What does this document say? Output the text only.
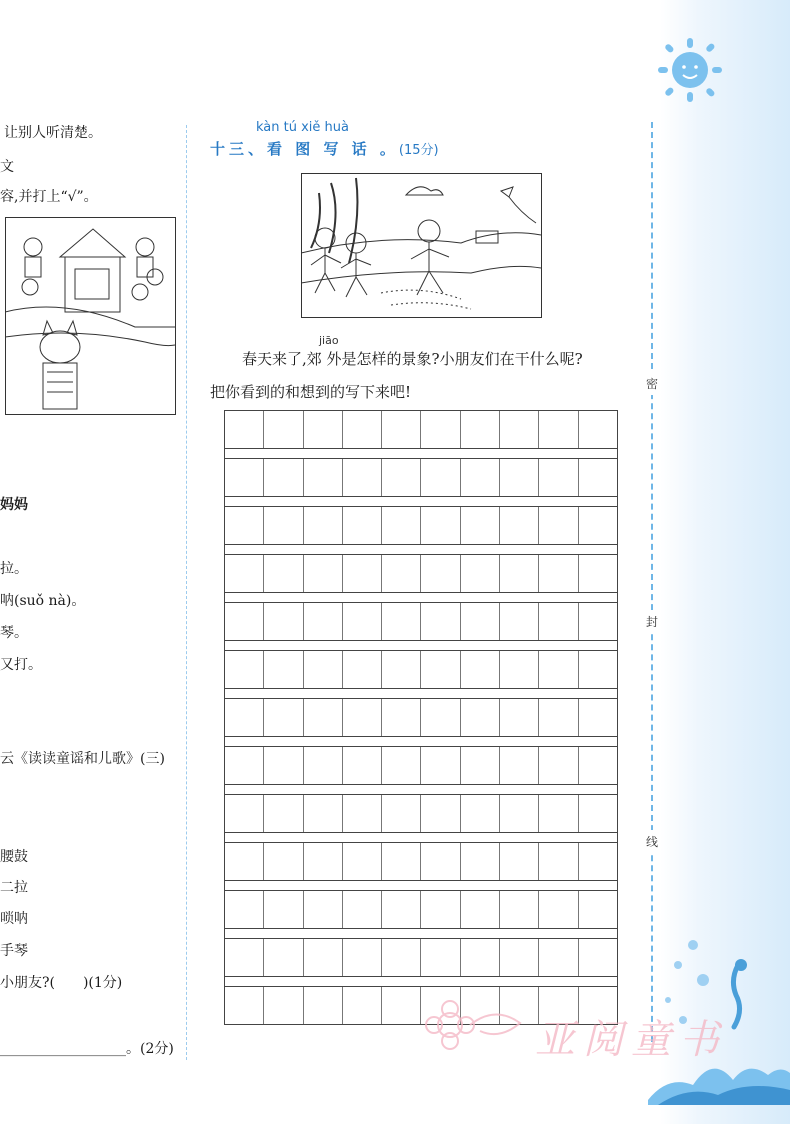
密
封
线
让别人听清楚。
文
容,并打上“√”。
妈妈
拉。
呐(suǒ nà)。
琴。
又打。
云《读读童谣和儿歌》(三)
腰鼓
二拉
唢呐
手琴
小朋友?(　　)(1分)
__________________。(2分)
kàn tú xiě huà
十三、看 图 写 话 。(15分)
jiāo
春天来了,郊 外是怎样的景象?小朋友们在干什么呢?
把你看到的和想到的写下来吧!
亚阅童书
